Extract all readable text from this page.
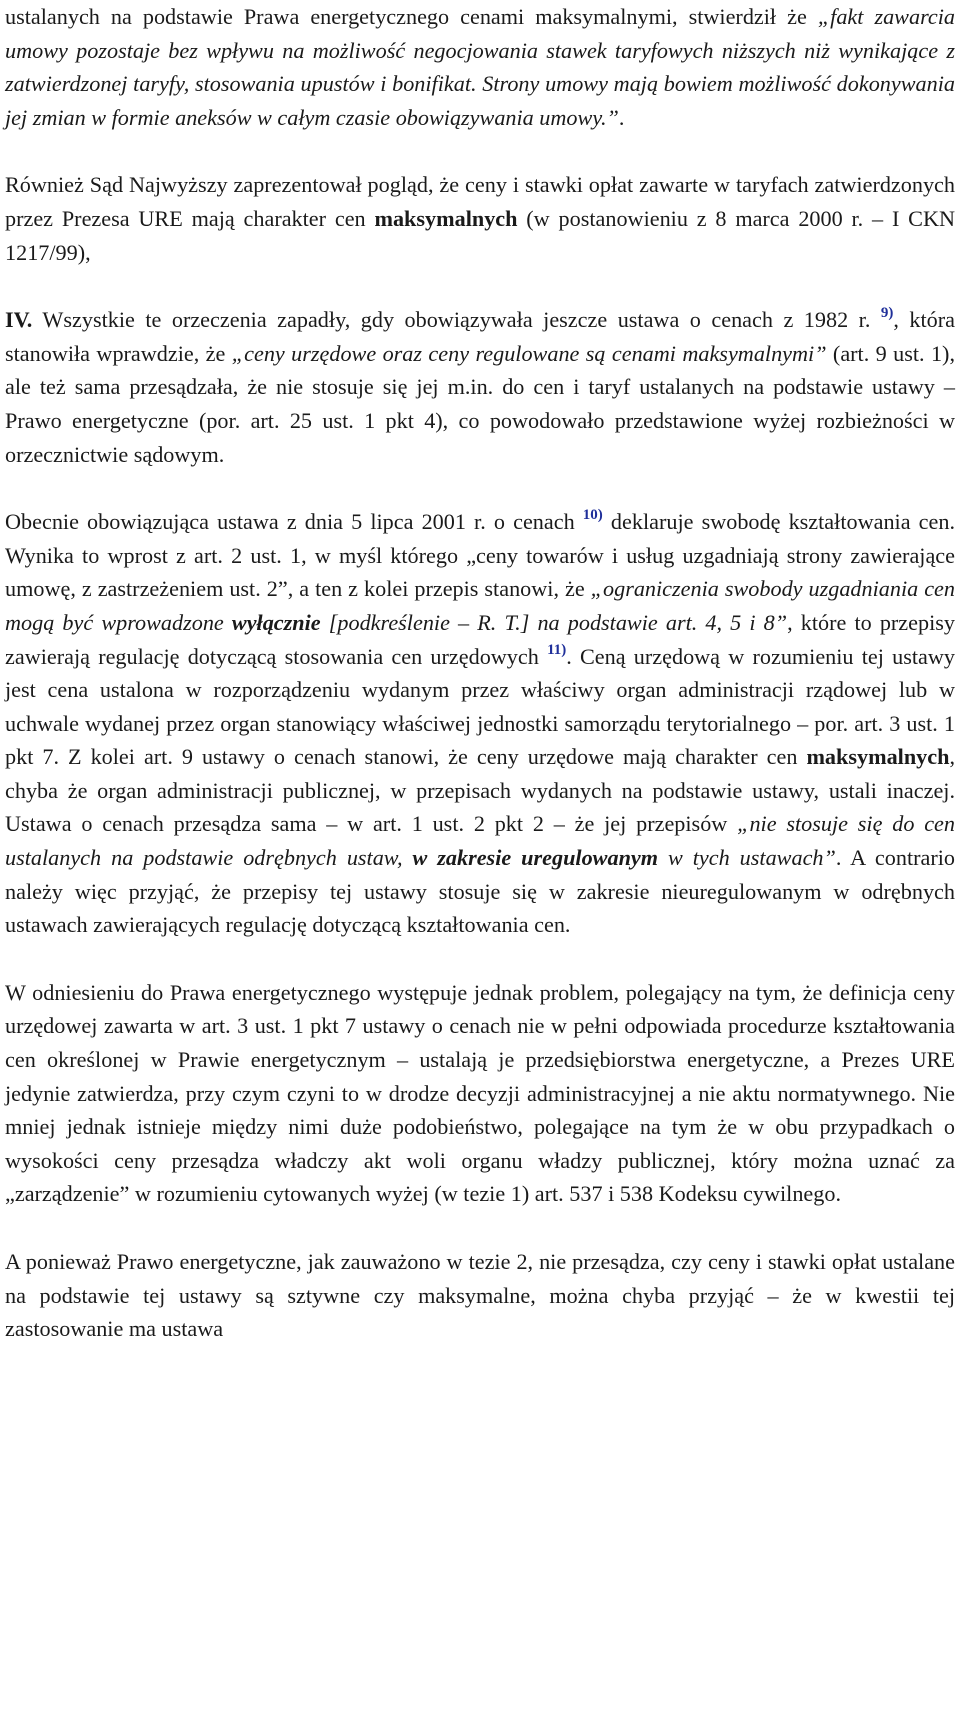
ustalanych na podstawie Prawa energetycznego cenami maksymalnymi, stwierdził że „fakt zawarcia umowy pozostaje bez wpływu na możliwość negocjowania stawek taryfowych niższych niż wynikające z zatwierdzonej taryfy, stosowania upustów i bonifikat. Strony umowy mają bowiem możliwość dokonywania jej zmian w formie aneksów w całym czasie obowiązywania umowy.”.

Również Sąd Najwyższy zaprezentował pogląd, że ceny i stawki opłat zawarte w taryfach zatwierdzonych przez Prezesa URE mają charakter cen maksymalnych (w postanowieniu z 8 marca 2000 r. – I CKN 1217/99),

IV. Wszystkie te orzeczenia zapadły, gdy obowiązywała jeszcze ustawa o cenach z 1982 r. $^{9)}$, która stanowiła wprawdzie, że „ceny urzędowe oraz ceny regulowane są cenami maksymalnymi” (art. 9 ust. 1), ale też sama przesądzała, że nie stosuje się jej m.in. do cen i taryf ustalanych na podstawie ustawy – Prawo energetyczne (por. art. 25 ust. 1 pkt 4), co powodowało przedstawione wyżej rozbieżności w orzecznictwie sądowym.

Obecnie obowiązująca ustawa z dnia 5 lipca 2001 r. o cenach $^{10)}$ deklaruje swobodę kształtowania cen. Wynika to wprost z art. 2 ust. 1, w myśl którego „ceny towarów i usług uzgadniają strony zawierające umowę, z zastrzeżeniem ust. 2”, a ten z kolei przepis stanowi, że „ograniczenia swobody uzgadniania cen mogą być wprowadzone wyłącznie [podkreślenie – R. T.] na podstawie art. 4, 5 i 8”, które to przepisy zawierają regulację dotyczącą stosowania cen urzędowych $^{11)}$. Ceną urzędową w rozumieniu tej ustawy jest cena ustalona w rozporządzeniu wydanym przez właściwy organ administracji rządowej lub w uchwale wydanej przez organ stanowiący właściwej jednostki samorządu terytorialnego – por. art. 3 ust. 1 pkt 7. Z kolei art. 9 ustawy o cenach stanowi, że ceny urzędowe mają charakter cen maksymalnych, chyba że organ administracji publicznej, w przepisach wydanych na podstawie ustawy, ustali inaczej. Ustawa o cenach przesądza sama – w art. 1 ust. 2 pkt 2 – że jej przepisów „nie stosuje się do cen ustalanych na podstawie odrębnych ustaw, w zakresie uregulowanym w tych ustawach”. A contrario należy więc przyjąć, że przepisy tej ustawy stosuje się w zakresie nieuregulowanym w odrębnych ustawach zawierających regulację dotyczącą kształtowania cen.

W odniesieniu do Prawa energetycznego występuje jednak problem, polegający na tym, że definicja ceny urzędowej zawarta w art. 3 ust. 1 pkt 7 ustawy o cenach nie w pełni odpowiada procedurze kształtowania cen określonej w Prawie energetycznym – ustalają je przedsiębiorstwa energetyczne, a Prezes URE jedynie zatwierdza, przy czym czyni to w drodze decyzji administracyjnej a nie aktu normatywnego. Nie mniej jednak istnieje między nimi duże podobieństwo, polegające na tym że w obu przypadkach o wysokości ceny przesądza władczy akt woli organu władzy publicznej, który można uznać za „zarządzenie” w rozumieniu cytowanych wyżej (w tezie 1) art. 537 i 538 Kodeksu cywilnego.

A ponieważ Prawo energetyczne, jak zauważono w tezie 2, nie przesądza, czy ceny i stawki opłat ustalane na podstawie tej ustawy są sztywne czy maksymalne, można chyba przyjąć – że w kwestii tej zastosowanie ma ustawa
